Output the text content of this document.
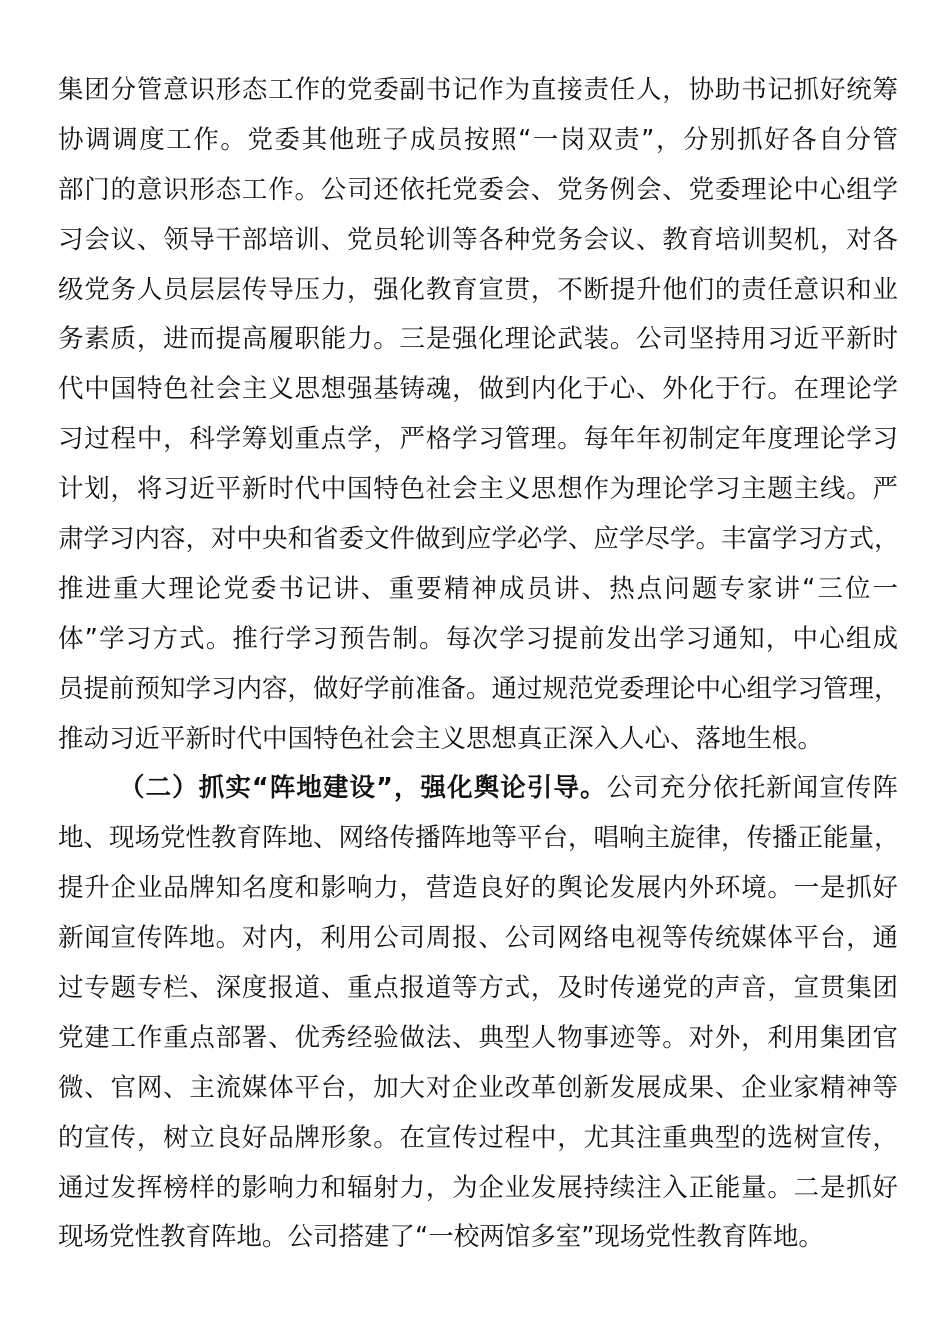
集团分管意识形态工作的党委副书记作为直接责任人，协助书记抓好统筹
协调调度工作。党委其他班子成员按照“一岗双责”，分别抓好各自分管
部门的意识形态工作。公司还依托党委会、党务例会、党委理论中心组学
习会议、领导干部培训、党员轮训等各种党务会议、教育培训契机，对各
级党务人员层层传导压力，强化教育宣贯，不断提升他们的责任意识和业
务素质，进而提高履职能力。三是强化理论武装。公司坚持用习近平新时
代中国特色社会主义思想强基铸魂，做到内化于心、外化于行。在理论学
习过程中，科学筹划重点学，严格学习管理。每年年初制定年度理论学习
计划，将习近平新时代中国特色社会主义思想作为理论学习主题主线。严
肃学习内容，对中央和省委文件做到应学必学、应学尽学。丰富学习方式，
推进重大理论党委书记讲、重要精神成员讲、热点问题专家讲“三位一
体”学习方式。推行学习预告制。每次学习提前发出学习通知，中心组成
员提前预知学习内容，做好学前准备。通过规范党委理论中心组学习管理，
推动习近平新时代中国特色社会主义思想真正深入人心、落地生根。
（二）抓实“阵地建设”，强化舆论引导。公司充分依托新闻宣传阵
地、现场党性教育阵地、网络传播阵地等平台，唱响主旋律，传播正能量，
提升企业品牌知名度和影响力，营造良好的舆论发展内外环境。一是抓好
新闻宣传阵地。对内，利用公司周报、公司网络电视等传统媒体平台，通
过专题专栏、深度报道、重点报道等方式，及时传递党的声音，宣贯集团
党建工作重点部署、优秀经验做法、典型人物事迹等。对外，利用集团官
微、官网、主流媒体平台，加大对企业改革创新发展成果、企业家精神等
的宣传，树立良好品牌形象。在宣传过程中，尤其注重典型的选树宣传，
通过发挥榜样的影响力和辐射力，为企业发展持续注入正能量。二是抓好
现场党性教育阵地。公司搭建了“一校两馆多室”现场党性教育阵地。
